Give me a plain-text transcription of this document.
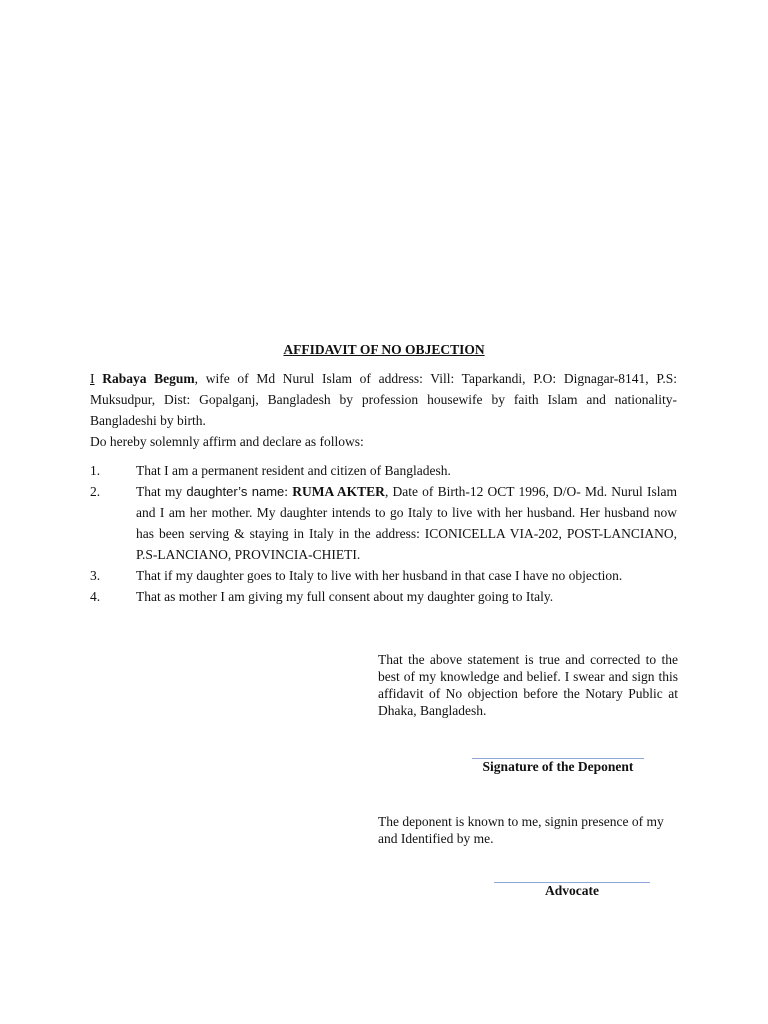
AFFIDAVIT OF NO OBJECTION
I Rabaya Begum, wife of Md Nurul Islam of address: Vill: Taparkandi, P.O: Dignagar-8141, P.S: Muksudpur, Dist: Gopalganj, Bangladesh by profession housewife by faith Islam and nationality-Bangladeshi by birth.
Do hereby solemnly affirm and declare as follows:
1.	That I am a permanent resident and citizen of Bangladesh.
2.	That my daughter’s name: RUMA AKTER, Date of Birth-12 OCT 1996, D/O- Md. Nurul Islam and I am her mother. My daughter intends to go Italy to live with her husband. Her husband now has been serving & staying in Italy in the address: ICONICELLA VIA-202, POST-LANCIANO, P.S-LANCIANO, PROVINCIA-CHIETI.
3.	That if my daughter goes to Italy to live with her husband in that case I have no objection.
4.	That as mother I am giving my full consent about my daughter going to Italy.
That the above statement is true and corrected to the best of my knowledge and belief. I swear and sign this affidavit of No objection before the Notary Public at Dhaka, Bangladesh.
Signature of the Deponent
The deponent is known to me, signin presence of my and Identified by me.
Advocate
